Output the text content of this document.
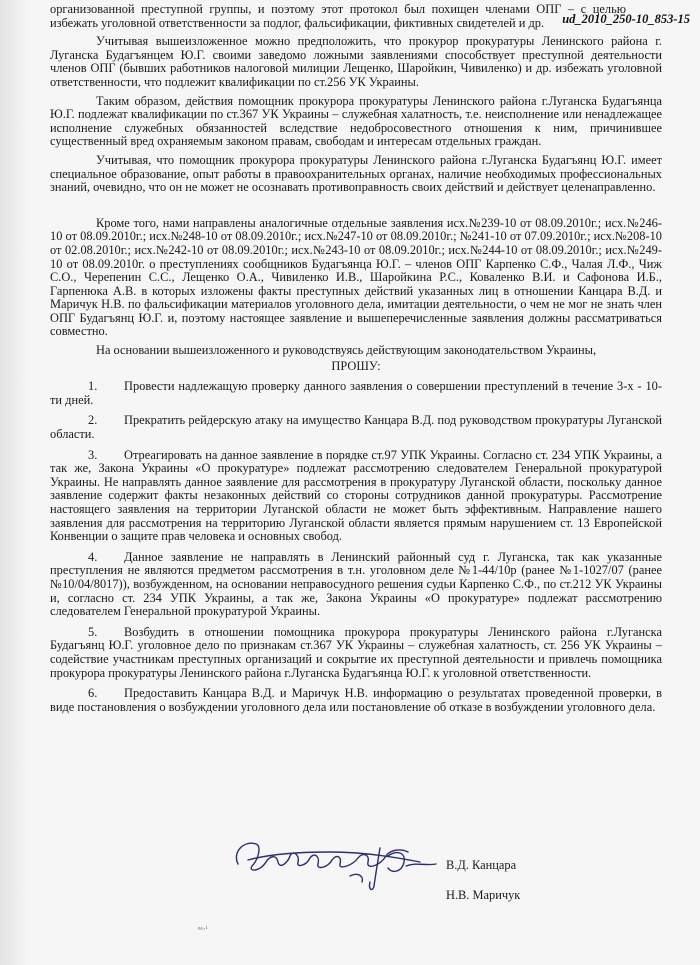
ud_2010_250-10_853-15

организованной преступной группы, и поэтому этот протокол был похищен членами ОПГ – с целью избежать уголовной ответственности за подлог, фальсификации, фиктивных свидетелей и др.

Учитывая вышеизложенное можно предположить, что прокурор прокуратуры Ленинского района г. Луганска Будагъянцем Ю.Г. своими заведомо ложными заявлениями способствует преступной деятельности членов ОПГ (бывших работников налоговой милиции Лещенко, Шаройкин, Чивиленко) и др. избежать уголовной ответственности, что подлежит квалификации по ст.256 УК Украины.

Таким образом, действия помощник прокурора прокуратуры Ленинского района г.Луганска Будагъянца Ю.Г. подлежат квалификации по ст.367 УК Украины – служебная халатность, т.е. неисполнение или ненадлежащее исполнение служебных обязанностей вследствие недобросовестного отношения к ним, причинившее существенный вред охраняемым законом правам, свободам и интересам отдельных граждан.

Учитывая, что помощник прокурора прокуратуры Ленинского района г.Луганска Будагъянц Ю.Г. имеет специальное образование, опыт работы в правоохранительных органах, наличие необходимых профессиональных знаний, очевидно, что он не может не осознавать противоправность своих действий и действует целенаправленно.

Кроме того, нами направлены аналогичные отдельные заявления исх.№239-10 от 08.09.2010г.; исх.№246-10 от 08.09.2010г.; исх.№248-10 от 08.09.2010г.; исх.№247-10 от 08.09.2010г.; №241-10 от 07.09.2010г.; исх.№208-10 от 02.08.2010г.; исх.№242-10 от 08.09.2010г.; исх.№243-10 от 08.09.2010г.; исх.№244-10 от 08.09.2010г.; исх.№249-10 от 08.09.2010г. о преступлениях сообщников Будагъянца Ю.Г. – членов ОПГ Карпенко С.Ф., Чалая Л.Ф., Чиж С.О., Черепенин С.С., Лещенко О.А., Чивиленко И.В., Шаройкина Р.С., Коваленко В.И. и Сафонова И.Б., Гарпенюка А.В. в которых изложены факты преступных действий указанных лиц в отношении Канцара В.Д. и Маричук Н.В. по фальсификации материалов уголовного дела, имитации деятельности, о чем не мог не знать член ОПГ Будагъянц Ю.Г. и, поэтому настоящее заявление и вышеперечисленные заявления должны рассматриваться совместно.

На основании вышеизложенного и руководствуясь действующим законодательством Украины,

ПРОШУ:

1. Провести надлежащую проверку данного заявления о совершении преступлений в течение 3-х - 10-ти дней.

2. Прекратить рейдерскую атаку на имущество Канцара В.Д. под руководством прокуратуры Луганской области.

3. Отреагировать на данное заявление в порядке ст.97 УПК Украины. Согласно ст. 234 УПК Украины, а так же, Закона Украины «О прокуратуре» подлежат рассмотрению следователем Генеральной прокуратурой Украины. Не направлять данное заявление для рассмотрения в прокуратуру Луганской области, поскольку данное заявление содержит факты незаконных действий со стороны сотрудников данной прокуратуры. Рассмотрение настоящего заявления на территории Луганской области не может быть эффективным. Направление нашего заявления для рассмотрения на территорию Луганской области является прямым нарушением ст. 13 Европейской Конвенции о защите прав человека и основных свобод.

4. Данное заявление не направлять в Ленинский районный суд г. Луганска, так как указанные преступления не являются предметом рассмотрения в т.н. уголовном деле №1-44/10р (ранее №1-1027/07 (ранее №10/04/8017)), возбужденном, на основании неправосудного решения судьи Карпенко С.Ф., по ст.212 УК Украины и, согласно ст. 234 УПК Украины, а так же, Закона Украины «О прокуратуре» подлежат рассмотрению следователем Генеральной прокуратурой Украины.

5. Возбудить в отношении помощника прокурора прокуратуры Ленинского района г.Луганска Будагъянц Ю.Г. уголовное дело по признакам ст.367 УК Украины – служебная халатность, ст. 256 УК Украины – содействие участникам преступных организаций и сокрытие их преступной деятельности и привлечь помощника прокурора прокуратуры Ленинского района г.Луганска Будагъянца Ю.Г. к уголовной ответственности.

6. Предоставить Канцара В.Д. и Маричук Н.В. информацию о результатах проведенной проверки, в виде постановления о возбуждении уголовного дела или постановление об отказе в возбуждении уголовного дела.

В.Д. Канцара
Н.В. Маричук
ᵉᵃ·ⁱ
